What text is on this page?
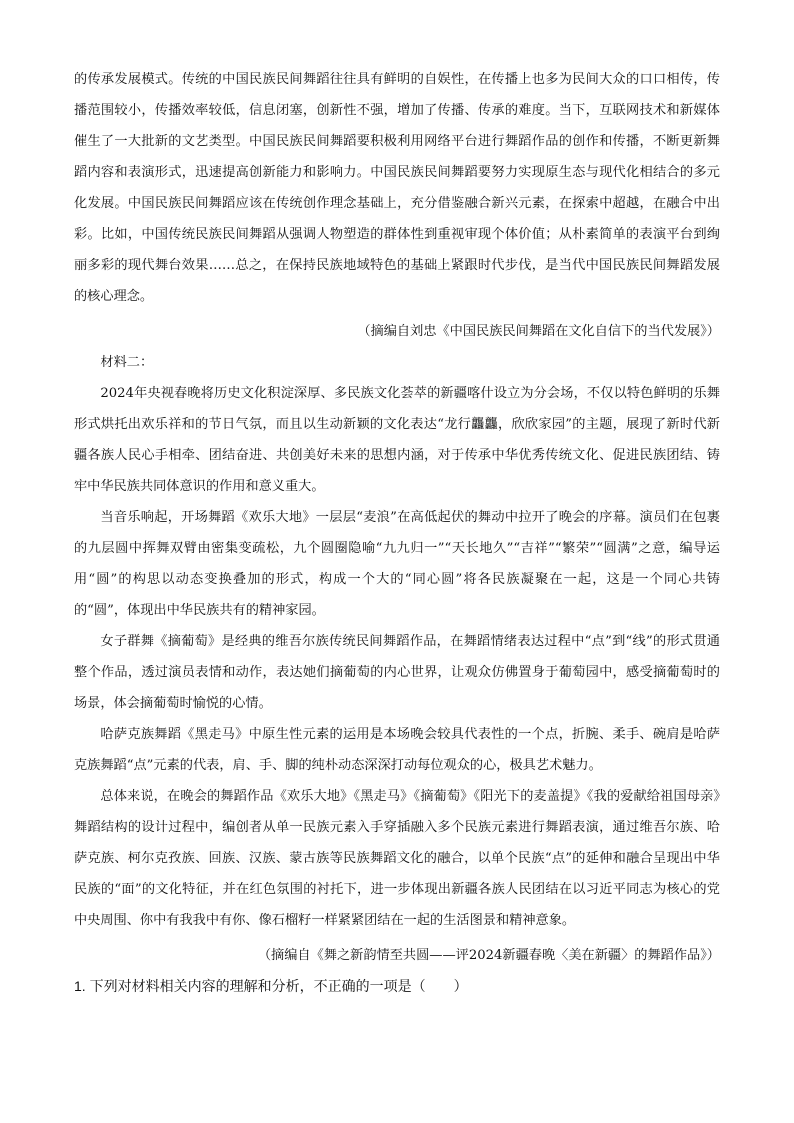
的传承发展模式。传统的中国民族民间舞蹈往往具有鲜明的自娱性，在传播上也多为民间大众的口口相传，传播范围较小，传播效率较低，信息闭塞，创新性不强，增加了传播、传承的难度。当下，互联网技术和新媒体催生了一大批新的文艺类型。中国民族民间舞蹈要积极利用网络平台进行舞蹈作品的创作和传播，不断更新舞蹈内容和表演形式，迅速提高创新能力和影响力。中国民族民间舞蹈要努力实现原生态与现代化相结合的多元化发展。中国民族民间舞蹈应该在传统创作理念基础上，充分借鉴融合新兴元素，在探索中超越，在融合中出彩。比如，中国传统民族民间舞蹈从强调人物塑造的群体性到重视审现个体价值；从朴素简单的表演平台到绚丽多彩的现代舞台效果……总之，在保持民族地域特色的基础上紧跟时代步伐，是当代中国民族民间舞蹈发展的核心理念。

（摘编自刘忠《中国民族民间舞蹈在文化自信下的当代发展》）

材料二：

2024年央视春晚将历史文化积淀深厚、多民族文化荟萃的新疆喀什设立为分会场，不仅以特色鲜明的乐舞形式烘托出欢乐祥和的节日气氛，而且以生动新颖的文化表达“龙行龘龘，欣欣家园”的主题，展现了新时代新疆各族人民心手相牵、团结奋进、共创美好未来的思想内涵，对于传承中华优秀传统文化、促进民族团结、铸牢中华民族共同体意识的作用和意义重大。

当音乐响起，开场舞蹈《欢乐大地》一层层“麦浪”在高低起伏的舞动中拉开了晚会的序幕。演员们在包裹的九层圆中挥舞双臂由密集变疏松，九个圆圈隐喻“九九归一”“天长地久”“吉祥”“繁荣”“圆满”之意，编导运用“圆”的构思以动态变换叠加的形式，构成一个大的“同心圆”将各民族凝聚在一起，这是一个同心共铸的“圆”，体现出中华民族共有的精神家园。

女子群舞《摘葡萄》是经典的维吾尔族传统民间舞蹈作品，在舞蹈情绪表达过程中“点”到“线”的形式贯通整个作品，透过演员表情和动作，表达她们摘葡萄的内心世界，让观众仿佛置身于葡萄园中，感受摘葡萄时的场景，体会摘葡萄时愉悦的心情。

哈萨克族舞蹈《黑走马》中原生性元素的运用是本场晚会较具代表性的一个点，折腕、柔手、碗肩是哈萨克族舞蹈“点”元素的代表，肩、手、脚的纯朴动态深深打动每位观众的心，极具艺术魅力。

总体来说，在晚会的舞蹈作品《欢乐大地》《黑走马》《摘葡萄》《阳光下的麦盖提》《我的爱献给祖国母亲》舞蹈结构的设计过程中，编创者从单一民族元素入手穿插融入多个民族元素进行舞蹈表演，通过维吾尔族、哈萨克族、柯尔克孜族、回族、汉族、蒙古族等民族舞蹈文化的融合，以单个民族“点”的延伸和融合呈现出中华民族的“面”的文化特征，并在红色氛围的衬托下，进一步体现出新疆各族人民团结在以习近平同志为核心的党中央周围、你中有我我中有你、像石榴籽一样紧紧团结在一起的生活图景和精神意象。

（摘编自《舞之新韵情至共圆——评2024新疆春晚〈美在新疆〉的舞蹈作品》）

1. 下列对材料相关内容的理解和分析，不正确的一项是（　　）
